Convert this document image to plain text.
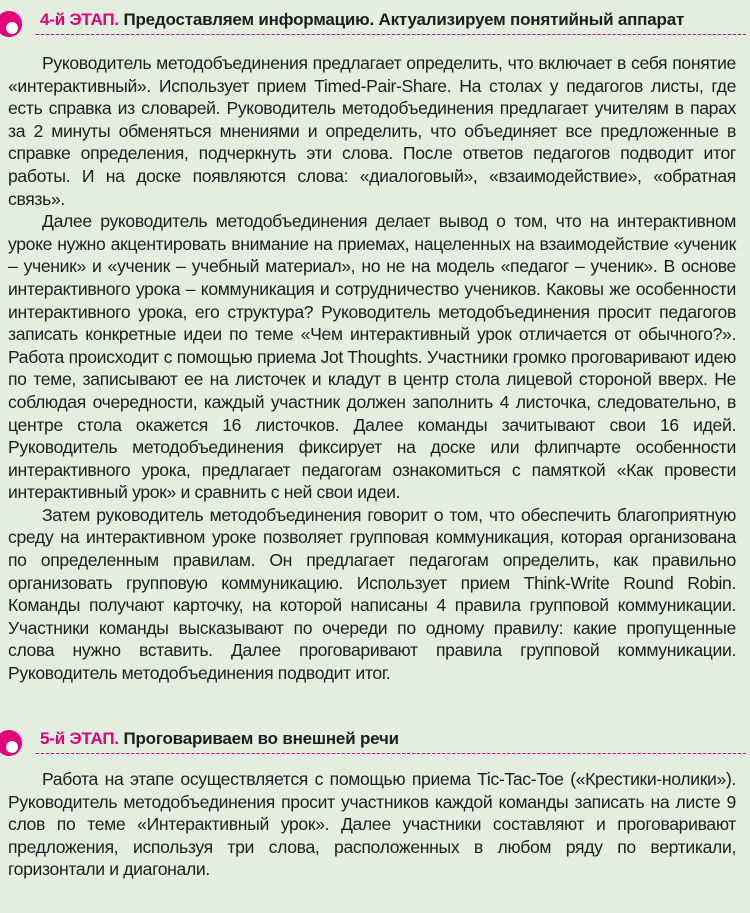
4-й ЭТАП. Предоставляем информацию. Актуализируем понятийный аппарат

Руководитель методобъединения предлагает определить, что включает в себя понятие «интерактивный». Использует прием Timed-Pair-Share. На столах у педагогов листы, где есть справка из словарей. Руководитель методобъединения предлагает учителям в парах за 2 минуты обменяться мнениями и определить, что объединяет все предложенные в справке определения, подчеркнуть эти слова. После ответов педагогов подводит итог работы. И на доске появляются слова: «диалоговый», «взаимодействие», «обратная связь».

Далее руководитель методобъединения делает вывод о том, что на интерактивном уроке нужно акцентировать внимание на приемах, нацеленных на взаимодействие «ученик – ученик» и «ученик – учебный материал», но не на модель «педагог – ученик». В основе интерактивного урока – коммуникация и сотрудничество учеников. Каковы же особенности интерактивного урока, его структура? Руководитель методобъединения просит педагогов записать конкретные идеи по теме «Чем интерактивный урок отличается от обычного?». Работа происходит с помощью приема Jot Thoughts. Участники громко проговаривают идею по теме, записывают ее на листочек и кладут в центр стола лицевой стороной вверх. Не соблюдая очередности, каждый участник должен заполнить 4 листочка, следовательно, в центре стола окажется 16 листочков. Далее команды зачитывают свои 16 идей. Руководитель методобъединения фиксирует на доске или флипчарте особенности интерактивного урока, предлагает педагогам ознакомиться с памяткой «Как провести интерактивный урок» и сравнить с ней свои идеи.

Затем руководитель методобъединения говорит о том, что обеспечить благоприятную среду на интерактивном уроке позволяет групповая коммуникация, которая организована по определенным правилам. Он предлагает педагогам определить, как правильно организовать групповую коммуникацию. Использует прием Think-Write Round Robin. Команды получают карточку, на которой написаны 4 правила групповой коммуникации. Участники команды высказывают по очереди по одному правилу: какие пропущенные слова нужно вставить. Далее проговаривают правила групповой коммуникации. Руководитель методобъединения подводит итог.

5-й ЭТАП. Проговариваем во внешней речи

Работа на этапе осуществляется с помощью приема Tic-Tac-Toe («Крестики-нолики»). Руководитель методобъединения просит участников каждой команды записать на листе 9 слов по теме «Интерактивный урок». Далее участники составляют и проговаривают предложения, используя три слова, расположенных в любом ряду по вертикали, горизонтали и диагонали.
